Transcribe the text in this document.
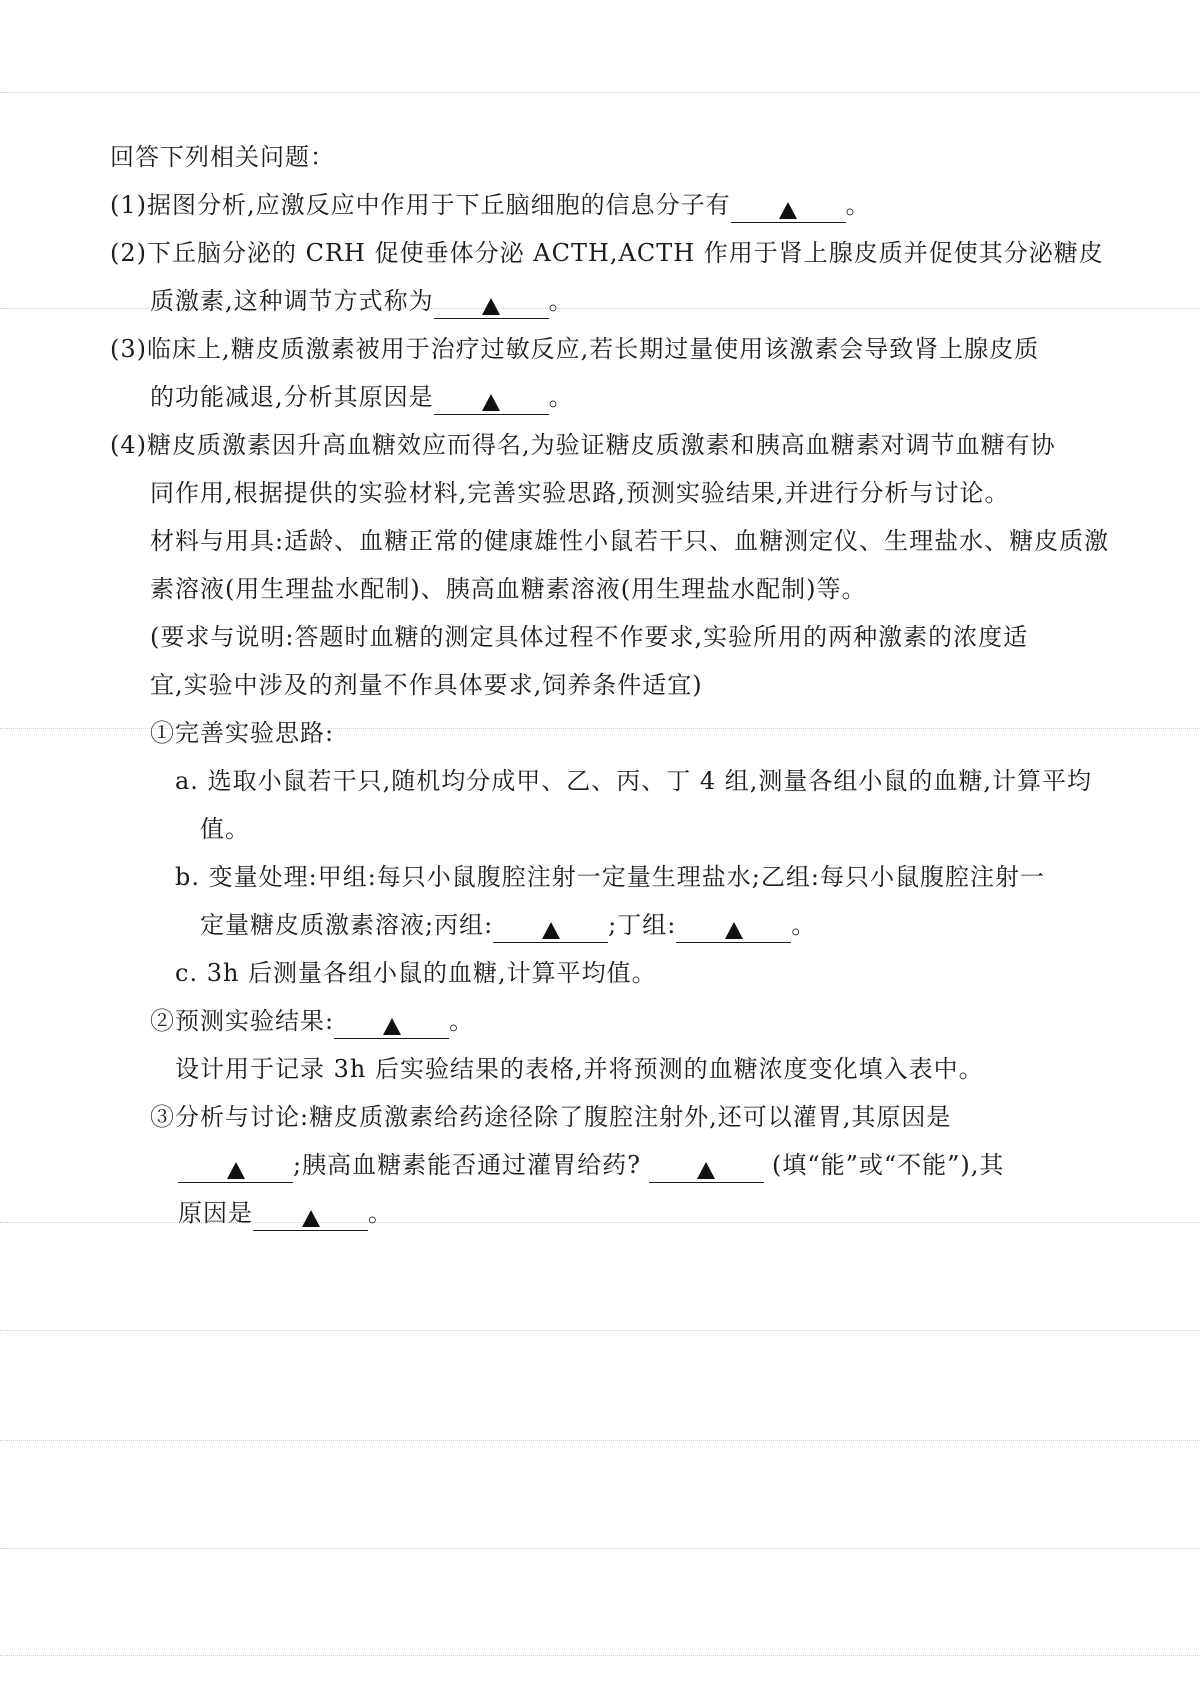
回答下列相关问题：
(1)据图分析,应激反应中作用于下丘脑细胞的信息分子有	。
(2)下丘脑分泌的 CRH 促使垂体分泌 ACTH,ACTH 作用于肾上腺皮质并促使其分泌糖皮
质激素,这种调节方式称为	。
(3)临床上,糖皮质激素被用于治疗过敏反应,若长期过量使用该激素会导致肾上腺皮质
的功能减退,分析其原因是	。
(4)糖皮质激素因升高血糖效应而得名,为验证糖皮质激素和胰高血糖素对调节血糖有协
同作用,根据提供的实验材料,完善实验思路,预测实验结果,并进行分析与讨论。
材料与用具:适龄、血糖正常的健康雄性小鼠若干只、血糖测定仪、生理盐水、糖皮质激
素溶液(用生理盐水配制)、胰高血糖素溶液(用生理盐水配制)等。
(要求与说明:答题时血糖的测定具体过程不作要求,实验所用的两种激素的浓度适
宜,实验中涉及的剂量不作具体要求,饲养条件适宜)
①完善实验思路:
a. 选取小鼠若干只,随机均分成甲、乙、丙、丁 4 组,测量各组小鼠的血糖,计算平均
值。
b. 变量处理:甲组:每只小鼠腹腔注射一定量生理盐水;乙组:每只小鼠腹腔注射一
定量糖皮质激素溶液;丙组:	;丁组:	。
c. 3h 后测量各组小鼠的血糖,计算平均值。
②预测实验结果:	。
设计用于记录 3h 后实验结果的表格,并将预测的血糖浓度变化填入表中。
③分析与讨论:糖皮质激素给药途径除了腹腔注射外,还可以灌胃,其原因是
;胰高血糖素能否通过灌胃给药?	(填“能”或“不能”),其
原因是	。
